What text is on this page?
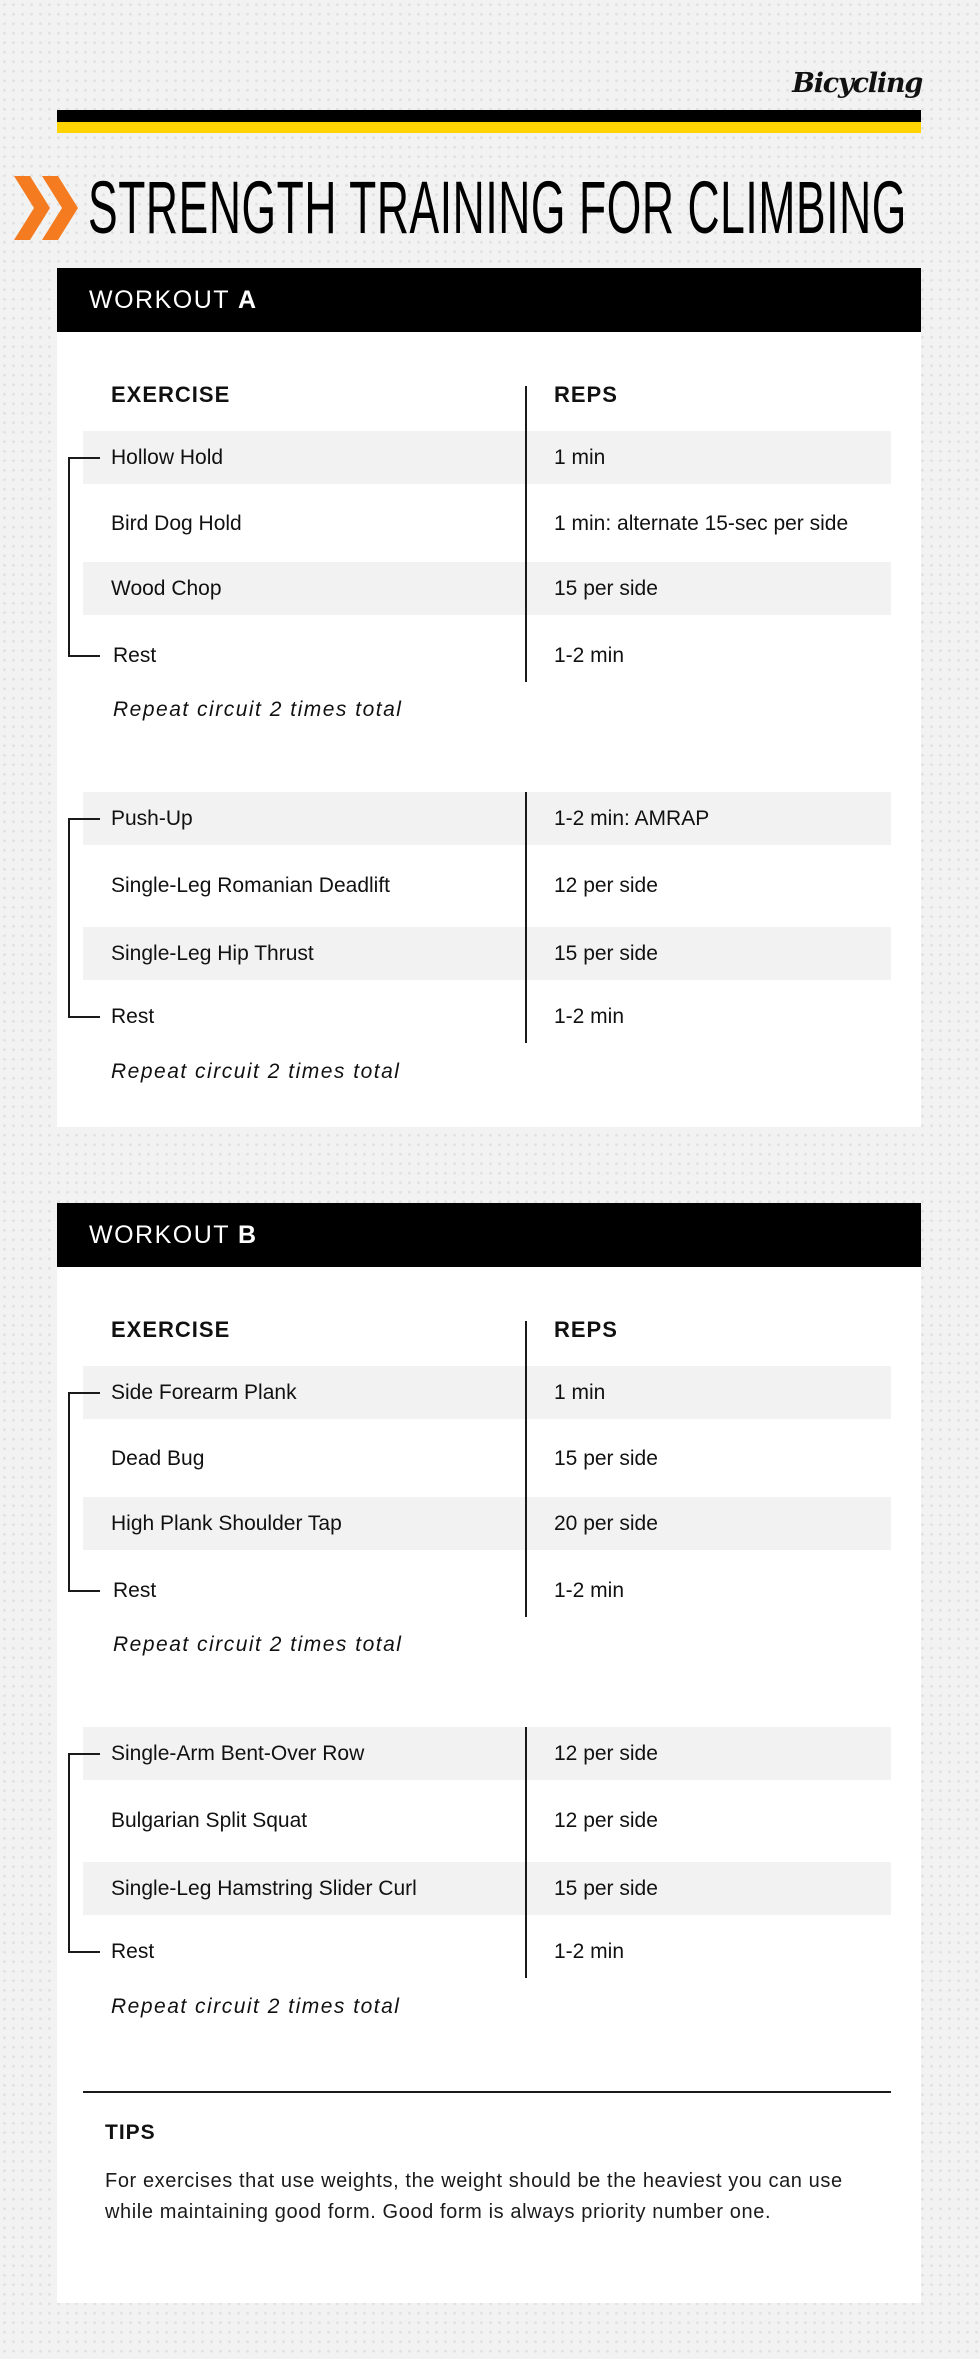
Bicycling
STRENGTH TRAINING FOR CLIMBING
WORKOUT A
EXERCISE	REPS
Hollow Hold	1 min
Bird Dog Hold	1 min: alternate 15-sec per side
Wood Chop	15 per side
Rest	1-2 min
Repeat circuit 2 times total
Push-Up	1-2 min: AMRAP
Single-Leg Romanian Deadlift	12 per side
Single-Leg Hip Thrust	15 per side
Rest	1-2 min
Repeat circuit 2 times total
WORKOUT B
EXERCISE	REPS
Side Forearm Plank	1 min
Dead Bug	15 per side
High Plank Shoulder Tap	20 per side
Rest	1-2 min
Repeat circuit 2 times total
Single-Arm Bent-Over Row	12 per side
Bulgarian Split Squat	12 per side
Single-Leg Hamstring Slider Curl	15 per side
Rest	1-2 min
Repeat circuit 2 times total
TIPS
For exercises that use weights, the weight should be the heaviest you can use while maintaining good form. Good form is always priority number one.
